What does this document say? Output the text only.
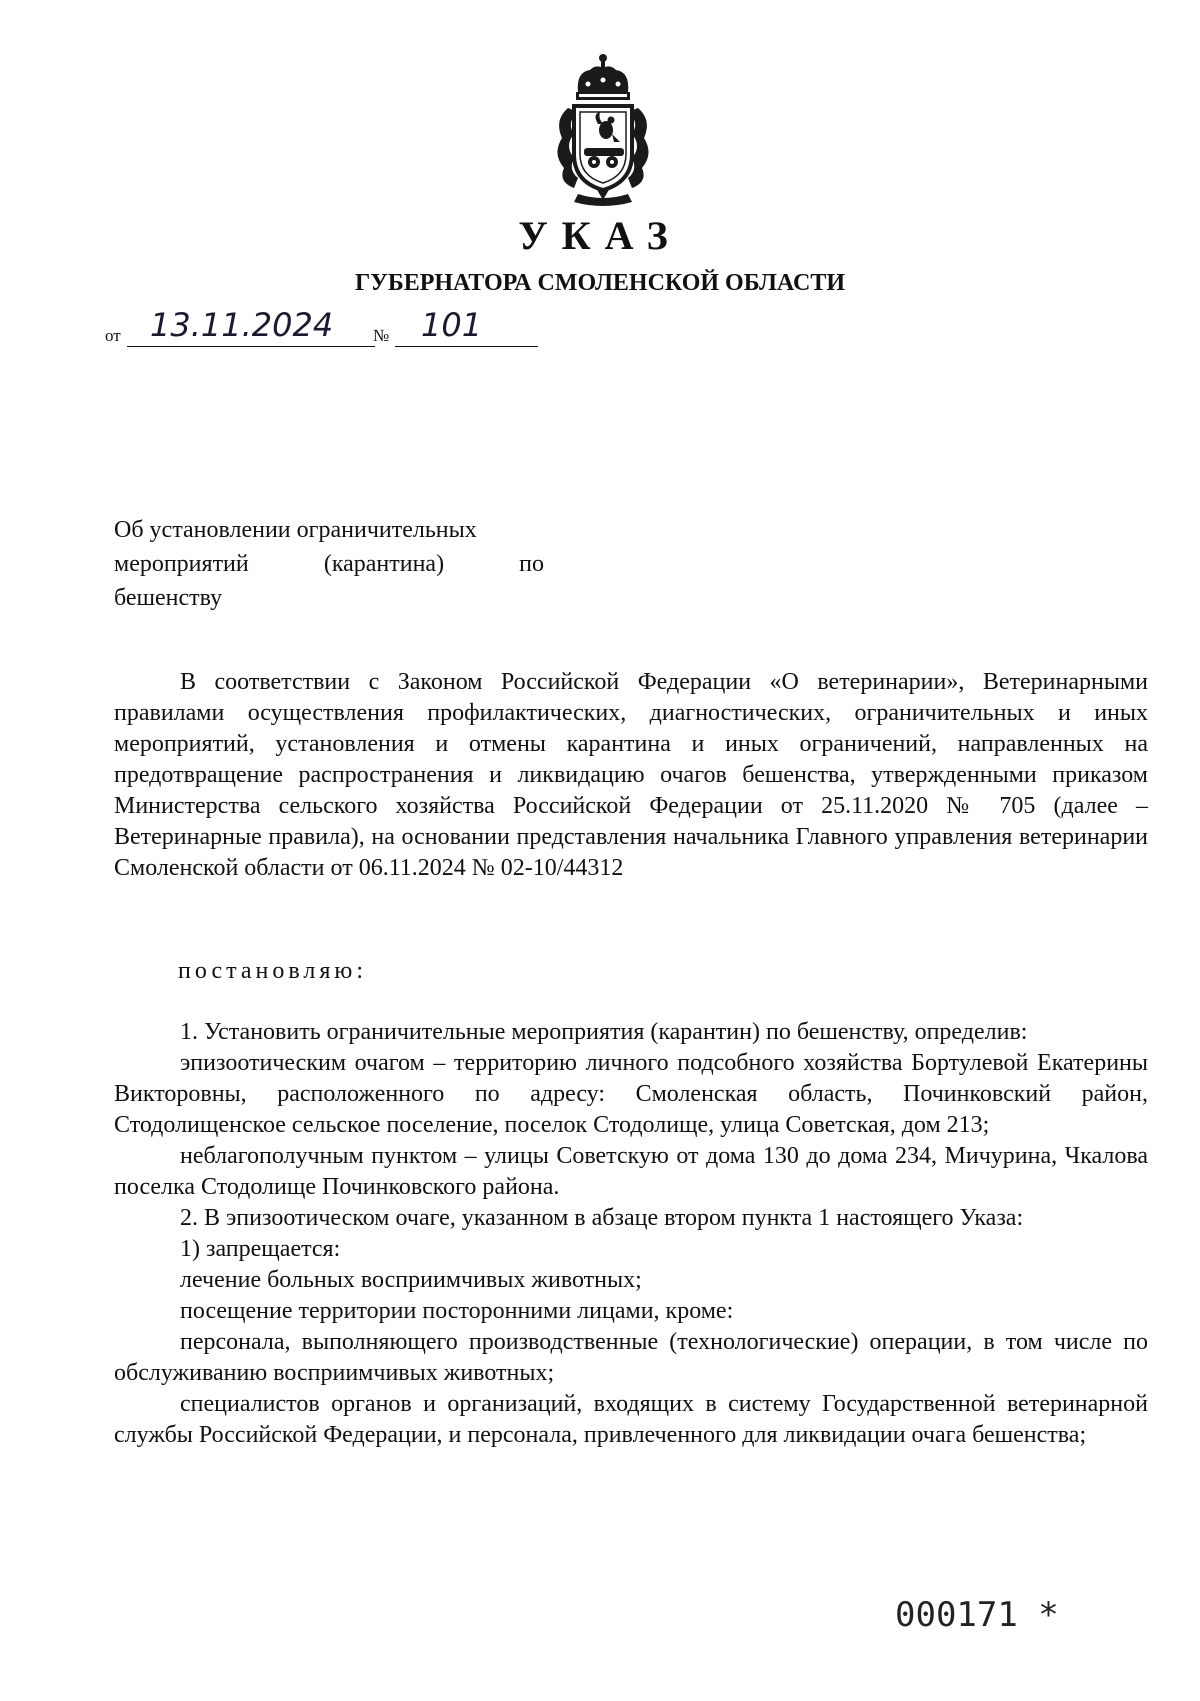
УКАЗ
ГУБЕРНАТОРА СМОЛЕНСКОЙ ОБЛАСТИ
от 13.11.2024 № 101
Об установлении ограничительных
мероприятий (карантина) по
бешенству

В соответствии с Законом Российской Федерации «О ветеринарии», Ветеринарными правилами осуществления профилактических, диагностических, ограничительных и иных мероприятий, установления и отмены карантина и иных ограничений, направленных на предотвращение распространения и ликвидацию очагов бешенства, утвержденными приказом Министерства сельского хозяйства Российской Федерации от 25.11.2020 № 705 (далее – Ветеринарные правила), на основании представления начальника Главного управления ветеринарии Смоленской области от 06.11.2024 № 02-10/44312

постановляю:

1. Установить ограничительные мероприятия (карантин) по бешенству, определив:

эпизоотическим очагом – территорию личного подсобного хозяйства Бортулевой Екатерины Викторовны, расположенного по адресу: Смоленская область, Починковский район, Стодолищенское сельское поселение, поселок Стодолище, улица Советская, дом 213;

неблагополучным пунктом – улицы Советскую от дома 130 до дома 234, Мичурина, Чкалова поселка Стодолище Починковского района.

2. В эпизоотическом очаге, указанном в абзаце втором пункта 1 настоящего Указа:

1) запрещается:

лечение больных восприимчивых животных;

посещение территории посторонними лицами, кроме:

персонала, выполняющего производственные (технологические) операции, в том числе по обслуживанию восприимчивых животных;

специалистов органов и организаций, входящих в систему Государственной ветеринарной службы Российской Федерации, и персонала, привлеченного для ликвидации очага бешенства;

000171 *
